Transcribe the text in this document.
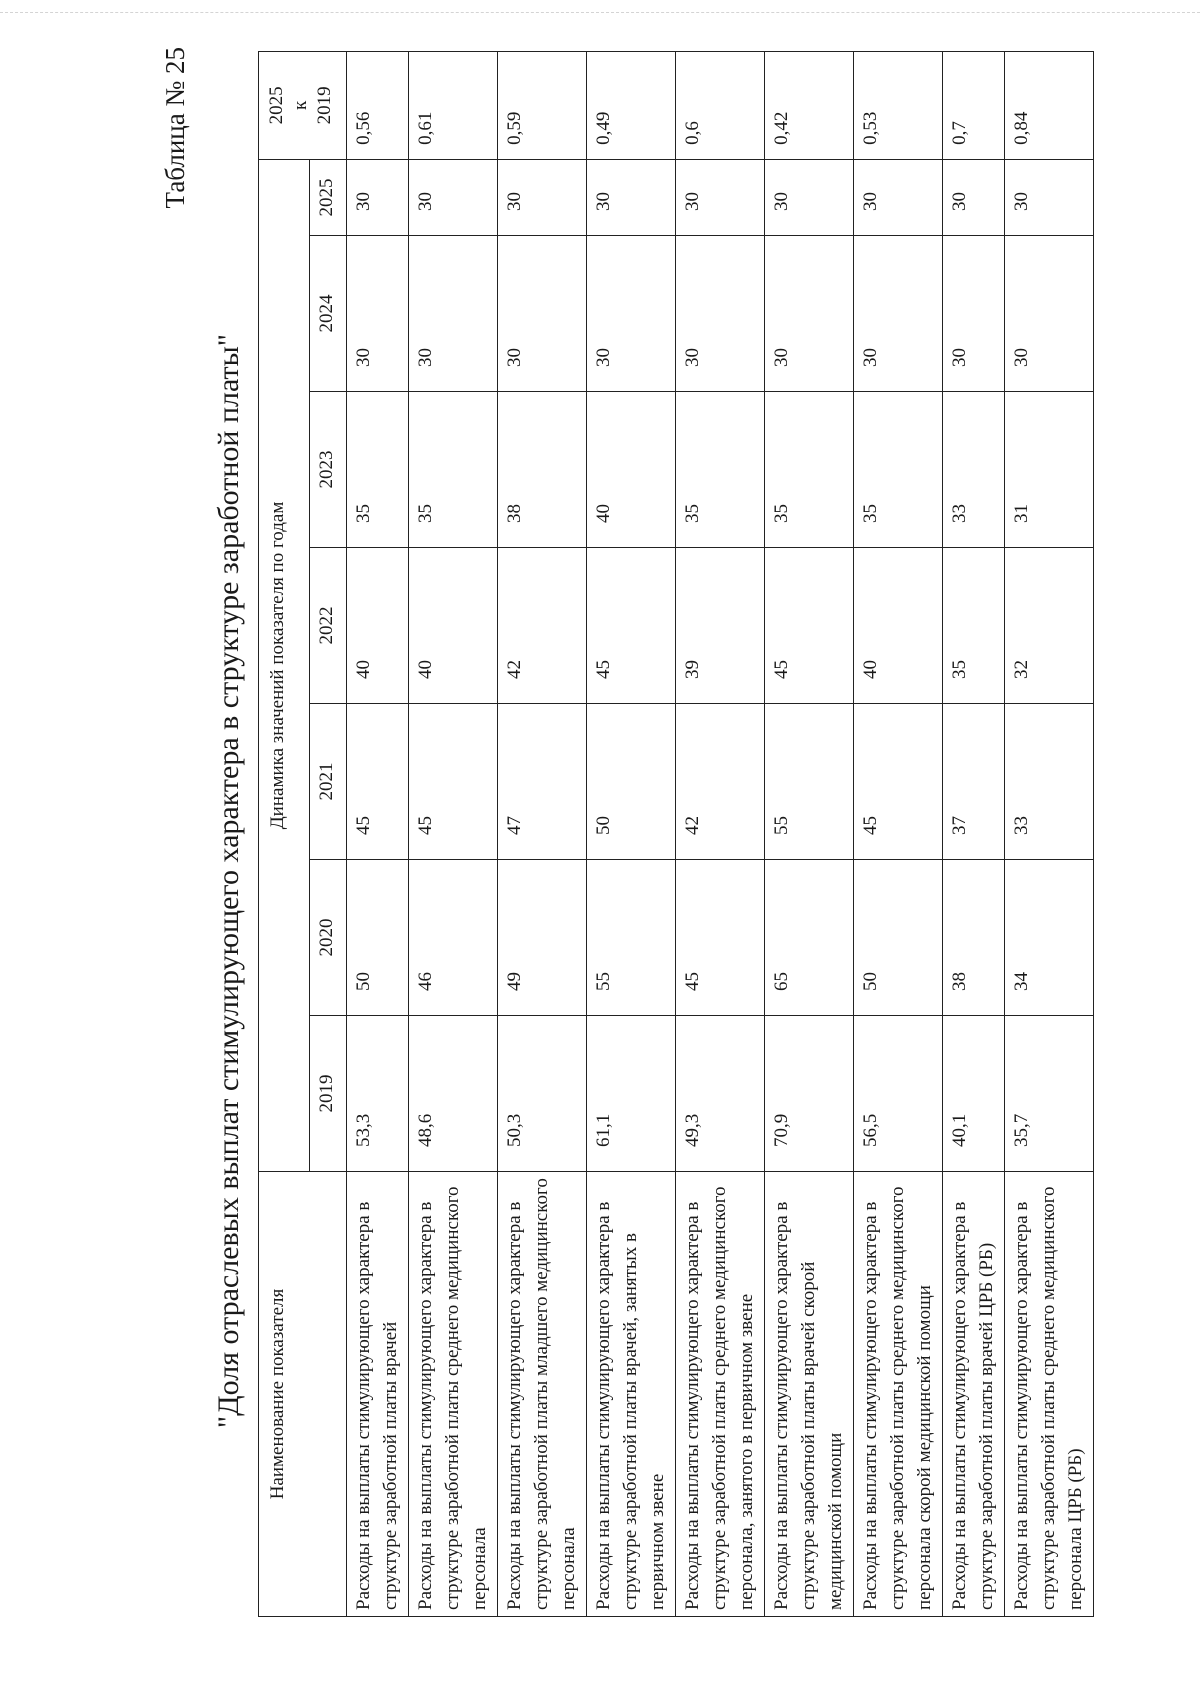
Таблица № 25
"Доля отраслевых выплат стимулирующего характера в структуре заработной платы" Наименование показателя	Динамика значений показателя по годам							2025 к 2019
	2019	2020	2021	2022	2023	2024	2025	
Расходы на выплаты стимулирующего характера в структуре заработной платы врачей	53,3	50	45	40	35	30	30	0,56
Расходы на выплаты стимулирующего характера в структуре заработной платы среднего медицинского персонала	48,6	46	45	40	35	30	30	0,61
Расходы на выплаты стимулирующего характера в структуре заработной платы младшего медицинского персонала	50,3	49	47	42	38	30	30	0,59
Расходы на выплаты стимулирующего характера в структуре заработной платы врачей, занятых в первичном звене	61,1	55	50	45	40	30	30	0,49
Расходы на выплаты стимулирующего характера в структуре заработной платы среднего медицинского персонала, занятого в первичном звене	49,3	45	42	39	35	30	30	0,6
Расходы на выплаты стимулирующего характера в структуре заработной платы врачей скорой медицинской помощи	70,9	65	55	45	35	30	30	0,42
Расходы на выплаты стимулирующего характера в структуре заработной платы среднего медицинского персонала скорой медицинской помощи	56,5	50	45	40	35	30	30	0,53
Расходы на выплаты стимулирующего характера в структуре заработной платы врачей ЦРБ (РБ)	40,1	38	37	35	33	30	30	0,7
Расходы на выплаты стимулирующего характера в структуре заработной платы среднего медицинского персонала ЦРБ (РБ)	35,7	34	33	32	31	30	30	0,84
